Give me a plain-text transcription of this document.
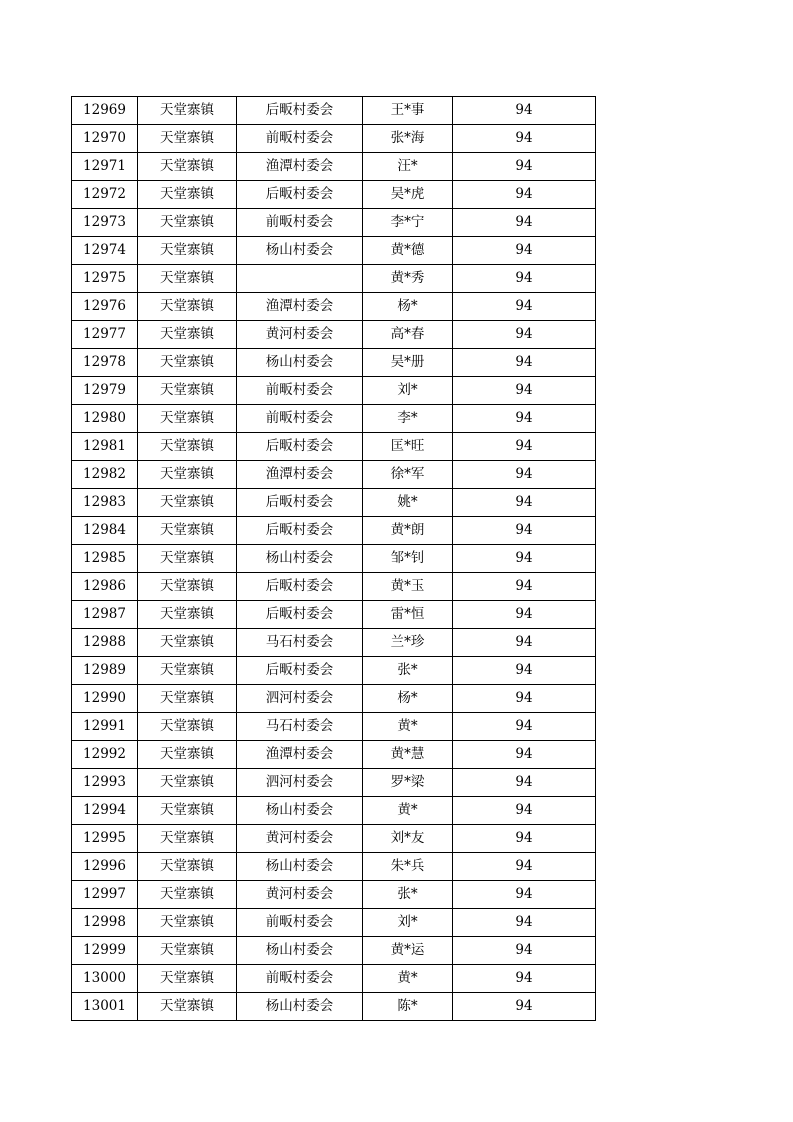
12969	天堂寨镇	后畈村委会	王*事	94
12970	天堂寨镇	前畈村委会	张*海	94
12971	天堂寨镇	渔潭村委会	汪*	94
12972	天堂寨镇	后畈村委会	吴*虎	94
12973	天堂寨镇	前畈村委会	李*宁	94
12974	天堂寨镇	杨山村委会	黄*德	94
12975	天堂寨镇		黄*秀	94
12976	天堂寨镇	渔潭村委会	杨*	94
12977	天堂寨镇	黄河村委会	高*春	94
12978	天堂寨镇	杨山村委会	吴*册	94
12979	天堂寨镇	前畈村委会	刘*	94
12980	天堂寨镇	前畈村委会	李*	94
12981	天堂寨镇	后畈村委会	匡*旺	94
12982	天堂寨镇	渔潭村委会	徐*军	94
12983	天堂寨镇	后畈村委会	姚*	94
12984	天堂寨镇	后畈村委会	黄*朗	94
12985	天堂寨镇	杨山村委会	邹*钊	94
12986	天堂寨镇	后畈村委会	黄*玉	94
12987	天堂寨镇	后畈村委会	雷*恒	94
12988	天堂寨镇	马石村委会	兰*珍	94
12989	天堂寨镇	后畈村委会	张*	94
12990	天堂寨镇	泗河村委会	杨*	94
12991	天堂寨镇	马石村委会	黄*	94
12992	天堂寨镇	渔潭村委会	黄*慧	94
12993	天堂寨镇	泗河村委会	罗*梁	94
12994	天堂寨镇	杨山村委会	黄*	94
12995	天堂寨镇	黄河村委会	刘*友	94
12996	天堂寨镇	杨山村委会	朱*兵	94
12997	天堂寨镇	黄河村委会	张*	94
12998	天堂寨镇	前畈村委会	刘*	94
12999	天堂寨镇	杨山村委会	黄*运	94
13000	天堂寨镇	前畈村委会	黄*	94
13001	天堂寨镇	杨山村委会	陈*	94
